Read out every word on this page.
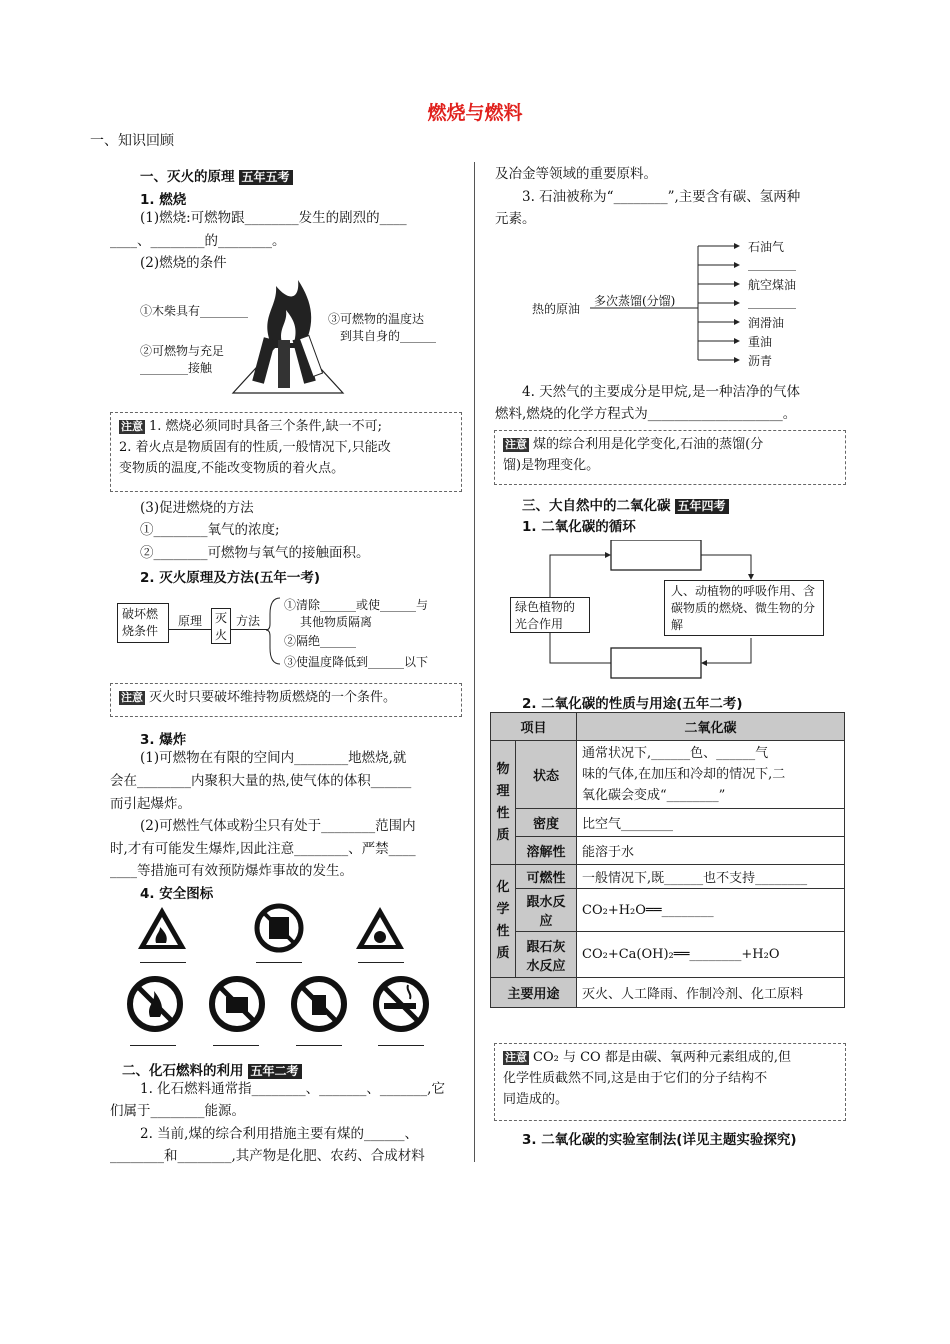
燃烧与燃料
一、知识回顾
一、灭火的原理 五年五考
1. 燃烧
(1)燃烧:可燃物跟________发生的剧烈的____
____、________的________。
(2)燃烧的条件
①木柴具有________
②可燃物与充足
________接触
③可燃物的温度达
到其自身的______
注意 1. 燃烧必须同时具备三个条件,缺一不可;
2. 着火点是物质固有的性质,一般情况下,只能改
变物质的温度,不能改变物质的着火点。
(3)促进燃烧的方法
①________氧气的浓度;
②________可燃物与氧气的接触面积。
2. 灭火原理及方法(五年一考)
破坏燃烧条件
原理	灭火
方法
①清除______或使______与
其他物质隔离
②隔绝______
③使温度降低到______以下
注意 灭火时只要破坏维持物质燃烧的一个条件。
3. 爆炸
(1)可燃物在有限的空间内________地燃烧,就
会在________内聚积大量的热,使气体的体积______
而引起爆炸。
(2)可燃性气体或粉尘只有处于________范围内
时,才有可能发生爆炸,因此注意________、严禁____
____等措施可有效预防爆炸事故的发生。
4. 安全图标
二、化石燃料的利用 五年二考
1. 化石燃料通常指________、_______、_______,它
们属于________能源。
2. 当前,煤的综合利用措施主要有煤的______、
________和________,其产物是化肥、农药、合成材料
及冶金等领域的重要原料。
3. 石油被称为“________”,主要含有碳、氢两种
元素。
热的原油
多次蒸馏(分馏)
石油气
________
航空煤油
________
润滑油
重油
沥青
4. 天然气的主要成分是甲烷,是一种洁净的气体
燃料,燃烧的化学方程式为____________________。
注意 煤的综合利用是化学变化,石油的蒸馏(分
馏)是物理变化。
三、大自然中的二氧化碳 五年四考
1. 二氧化碳的循环
绿色植物的光合作用
人、动植物的呼吸作用、含碳物质的燃烧、微生物的分解
2. 二氧化碳的性质与用途(五年二考)
项目		二氧化碳
物理性质	状态	通常状况下,______色、______气
味的气体,在加压和冷却的情况下,二
氧化碳会变成“________”

	密度	比空气________
	溶解性	能溶于水
化学性质	可燃性	一般情况下,既______也不支持________
	跟水反应	CO₂+H₂O══________
	跟石灰水反应	CO₂+Ca(OH)₂══________+H₂O
主要用途		灭火、人工降雨、作制冷剂、化工原料
注意 CO₂ 与 CO 都是由碳、氧两种元素组成的,但
化学性质截然不同,这是由于它们的分子结构不
同造成的。
3. 二氧化碳的实验室制法(详见主题实验探究)
